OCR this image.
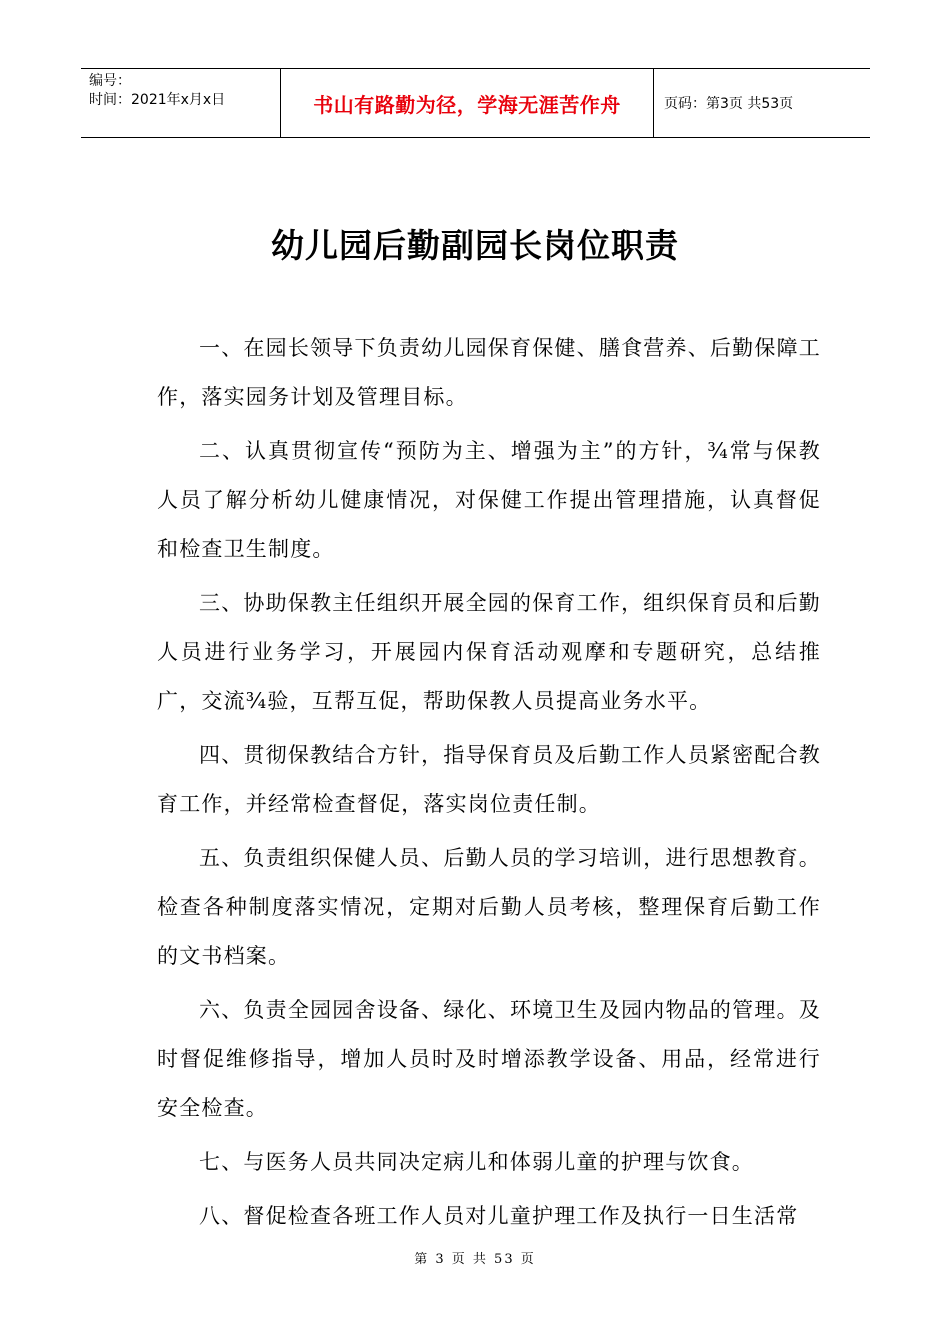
编号：
时间：2021年x月x日	书山有路勤为径，学海无涯苦作舟	页码：第3页 共53页
幼儿园后勤副园长岗位职责

一、在园长领导下负责幼儿园保育保健、膳食营养、后勤保障工作，落实园务计划及管理目标。

二、认真贯彻宣传“预防为主、增强为主”的方针，¾常与保教人员了解分析幼儿健康情况，对保健工作提出管理措施，认真督促和检查卫生制度。

三、协助保教主任组织开展全园的保育工作，组织保育员和后勤人员进行业务学习，开展园内保育活动观摩和专题研究，总结推广，交流¾验，互帮互促，帮助保教人员提高业务水平。

四、贯彻保教结合方针，指导保育员及后勤工作人员紧密配合教育工作，并经常检查督促，落实岗位责任制。

五、负责组织保健人员、后勤人员的学习培训，进行思想教育。检查各种制度落实情况，定期对后勤人员考核，整理保育后勤工作的文书档案。

六、负责全园园舍设备、绿化、环境卫生及园内物品的管理。及时督促维修指导，增加人员时及时增添教学设备、用品，经常进行安全检查。

七、与医务人员共同决定病儿和体弱儿童的护理与饮食。

八、督促检查各班工作人员对儿童护理工作及执行一日生活常

第 3 页 共 53 页
